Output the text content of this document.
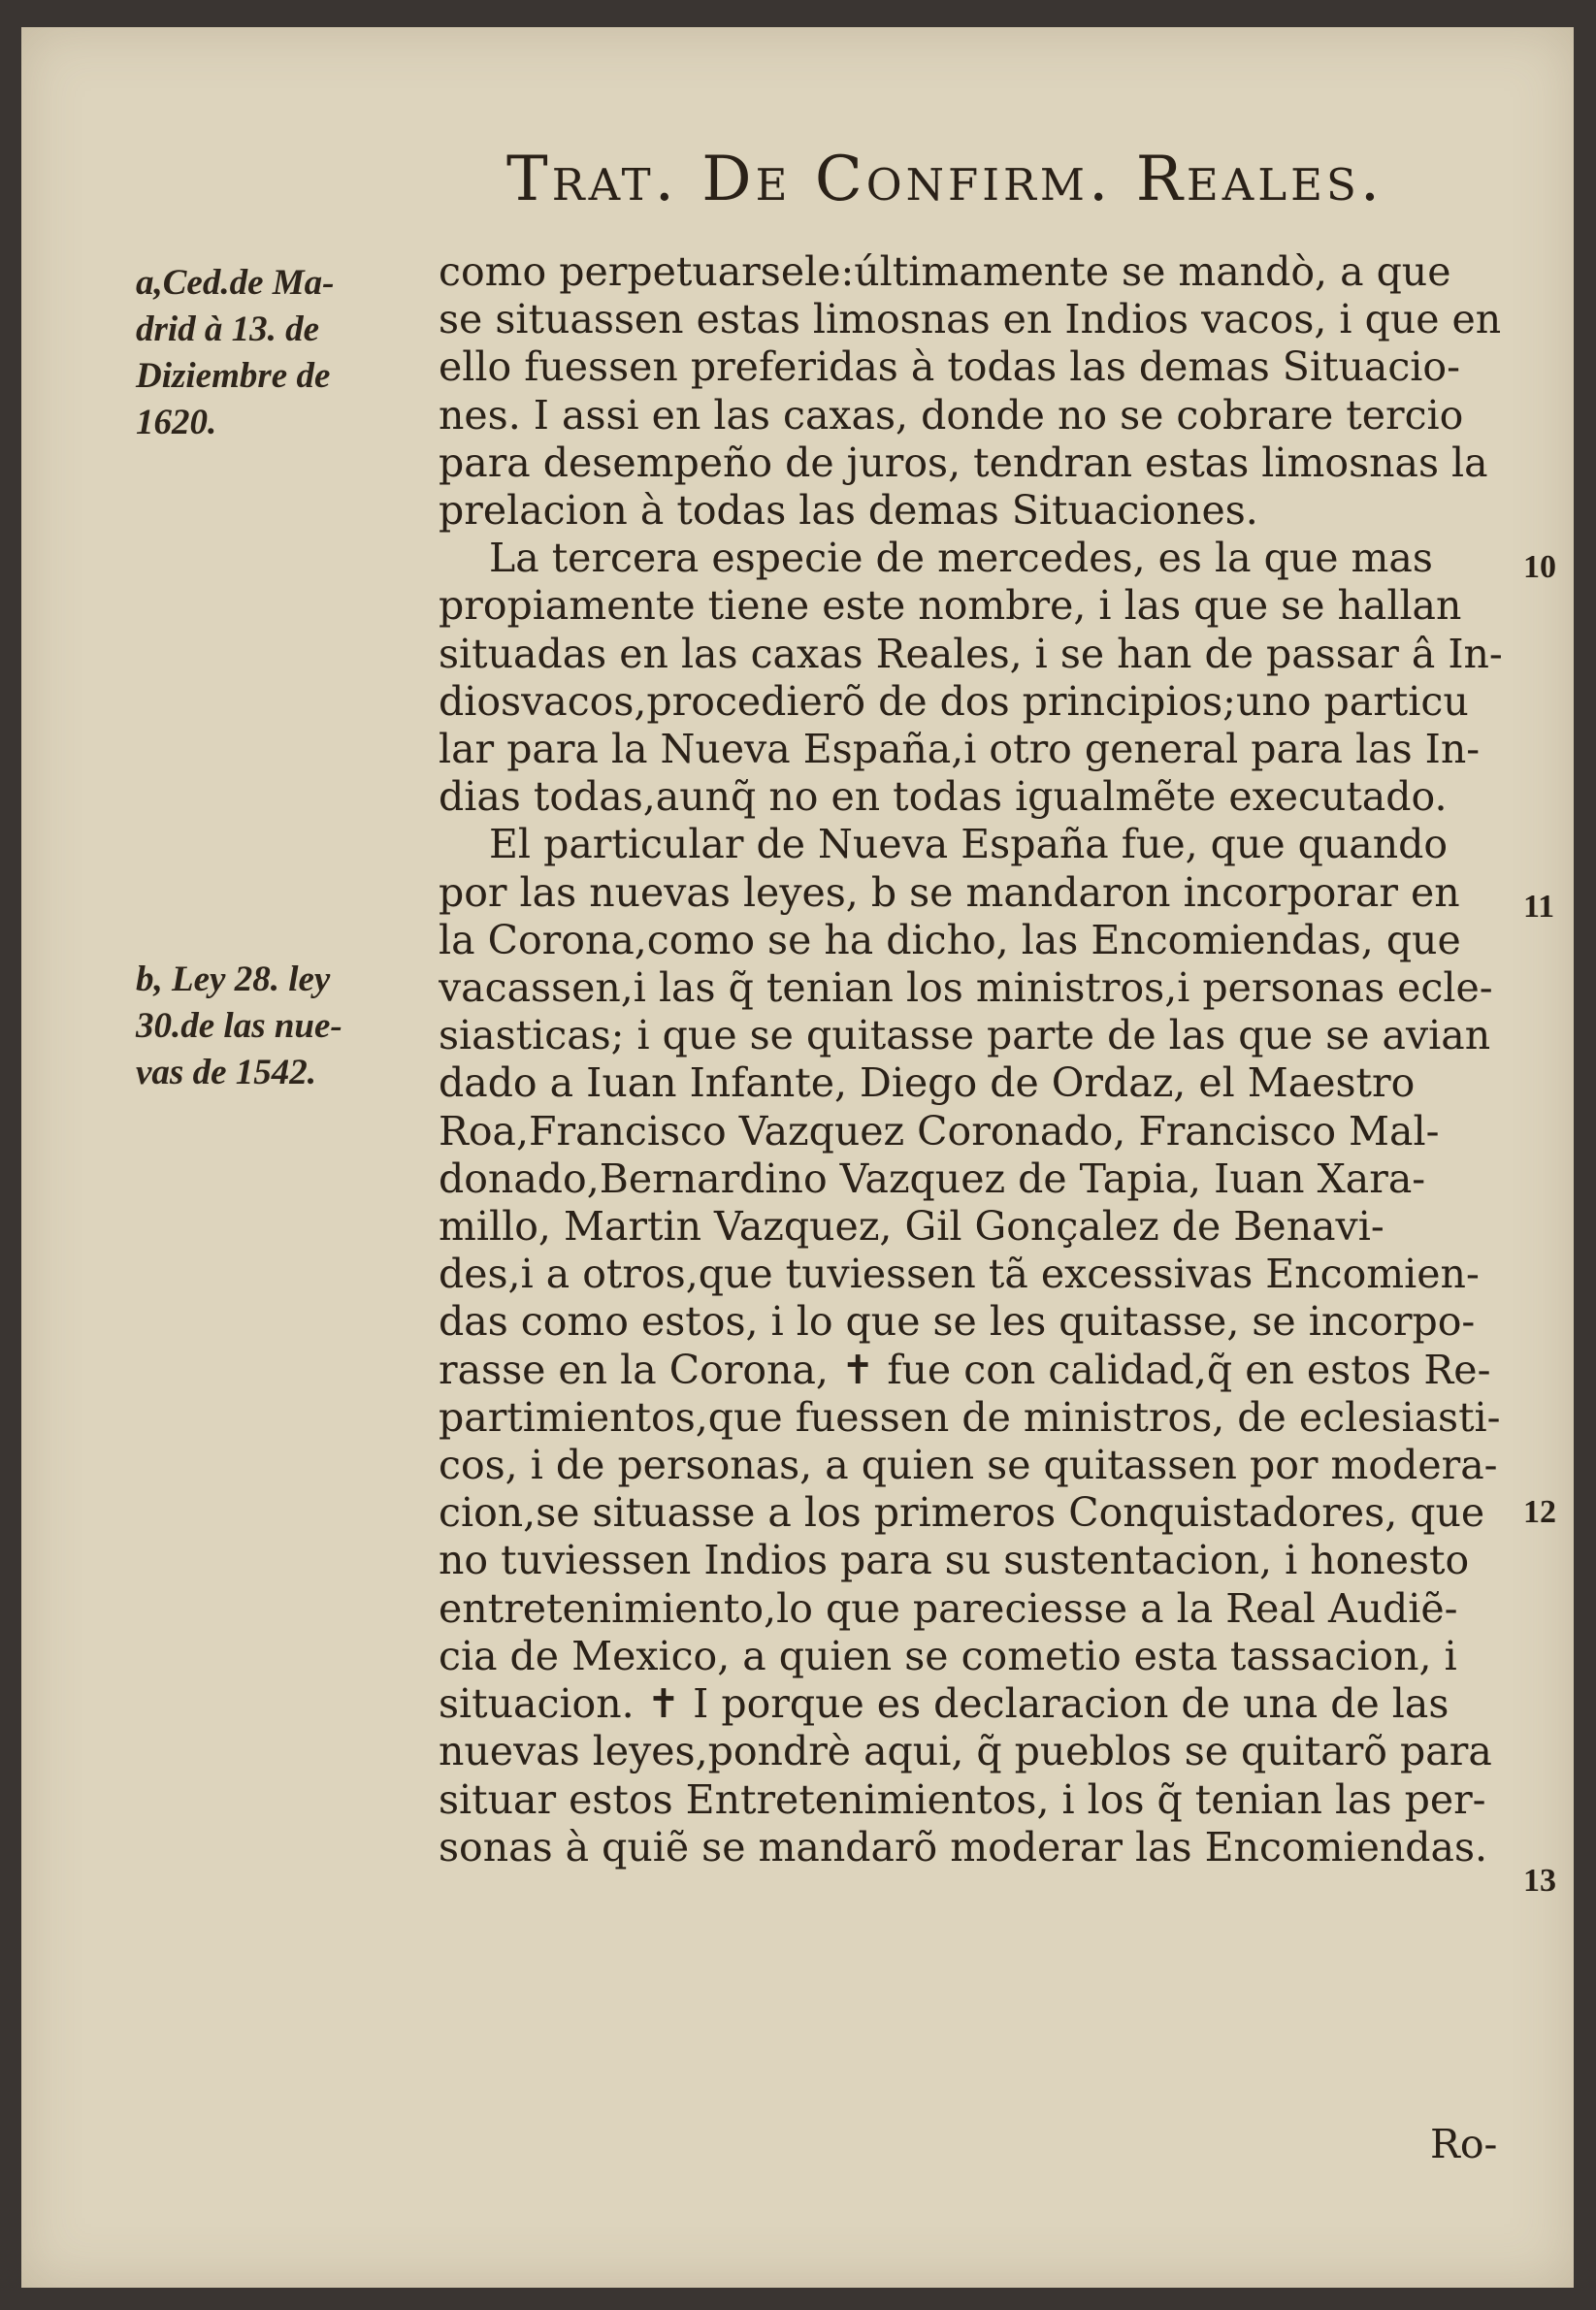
Trat. De Confirm. Reales.
a,Ced.de Ma-
drid à 13. de
Diziembre de
1620.
b, Ley 28. ley
30.de las nue-
vas de 1542.
como perpetuarsele:últimamente se mandò, a que
se situassen estas limosnas en Indios vacos, i que en
ello fuessen preferidas à todas las demas Situacio-
nes. I assi en las caxas, donde no se cobrare tercio
para desempeño de juros, tendran estas limosnas la
prelacion à todas las demas Situaciones.
La tercera especie de mercedes, es la que mas
propiamente tiene este nombre, i las que se hallan
situadas en las caxas Reales, i se han de passar â In-
diosvacos,procedierõ de dos principios;uno particu
lar para la Nueva España,i otro general para las In-
dias todas,aunq̃ no en todas igualmẽte executado.
El particular de Nueva España fue, que quando
por las nuevas leyes, b se mandaron incorporar en
la Corona,como se ha dicho, las Encomiendas, que
vacassen,i las q̃ tenian los ministros,i personas ecle-
siasticas; i que se quitasse parte de las que se avian
dado a Iuan Infante, Diego de Ordaz, el Maestro
Roa,Francisco Vazquez Coronado, Francisco Mal-
donado,Bernardino Vazquez de Tapia, Iuan Xara-
millo, Martin Vazquez, Gil Gonçalez de Benavi-
des,i a otros,que tuviessen tã excessivas Encomien-
das como estos, i lo que se les quitasse, se incorpo-
rasse en la Corona, ✝ fue con calidad,q̃ en estos Re-
partimientos,que fuessen de ministros, de eclesiasti-
cos, i de personas, a quien se quitassen por modera-
cion,se situasse a los primeros Conquistadores, que
no tuviessen Indios para su sustentacion, i honesto
entretenimiento,lo que pareciesse a la Real Audiẽ-
cia de Mexico, a quien se cometio esta tassacion, i
situacion. ✝ I porque es declaracion de una de las
nuevas leyes,pondrè aqui, q̃ pueblos se quitarõ para
situar estos Entretenimientos, i los q̃ tenian las per-
sonas à quiẽ se mandarõ moderar las Encomiendas.
10
11
12
13
Ro-
